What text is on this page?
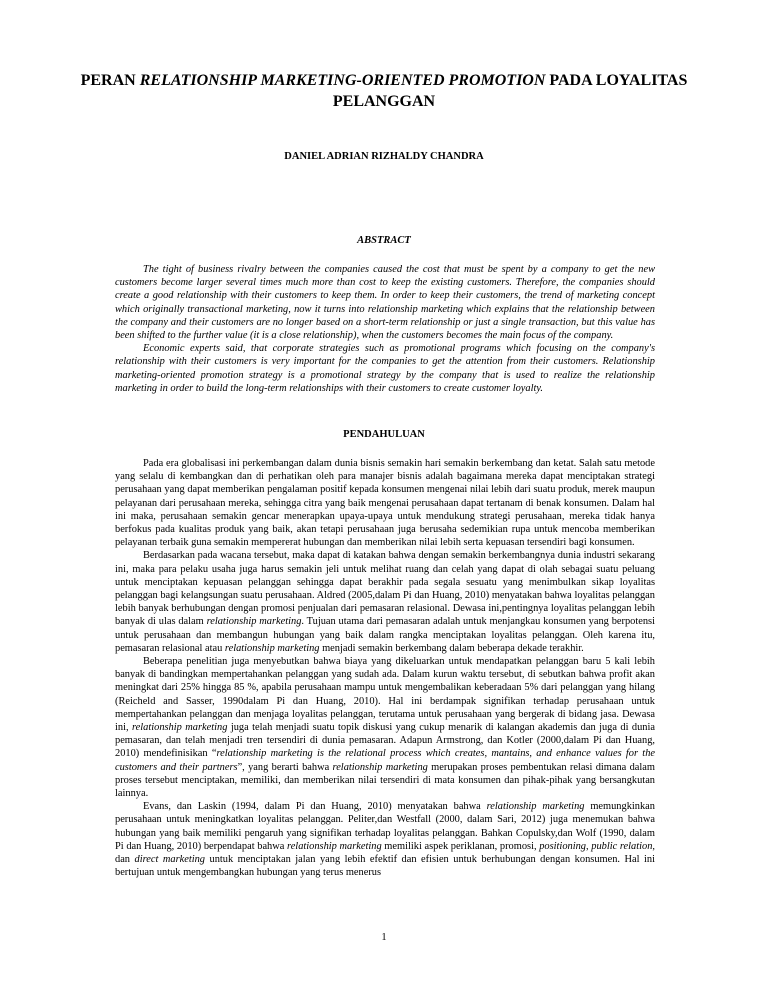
PERAN RELATIONSHIP MARKETING-ORIENTED PROMOTION PADA LOYALITAS PELANGGAN
DANIEL ADRIAN RIZHALDY CHANDRA
ABSTRACT

The tight of business rivalry between the companies caused the cost that must be spent by a company to get the new customers become larger several times much more than cost to keep the existing customers. Therefore, the companies should create a good relationship with their customers to keep them. In order to keep their customers, the trend of marketing concept which originally transactional marketing, now it turns into relationship marketing which explains that the relationship between the company and their customers are no longer based on a short-term relationship or just a single transaction, but this value has been shifted to the further value (it is a close relationship), when the customers becomes the main focus of the company.

Economic experts said, that corporate strategies such as promotional programs which focusing on the company's relationship with their customers is very important for the companies to get the attention from their customers. Relationship marketing-oriented promotion strategy is a promotional strategy by the company that is used to realize the relationship marketing in order to build the long-term relationships with their customers to create customer loyalty.

PENDAHULUAN

Pada era globalisasi ini perkembangan dalam dunia bisnis semakin hari semakin berkembang dan ketat. Salah satu metode yang selalu di kembangkan dan di perhatikan oleh para manajer bisnis adalah bagaimana mereka dapat menciptakan strategi perusahaan yang dapat memberikan pengalaman positif kepada konsumen mengenai nilai lebih dari suatu produk, merek maupun pelayanan dari perusahaan mereka, sehingga citra yang baik mengenai perusahaan dapat tertanam di benak konsumen. Dalam hal ini maka, perusahaan semakin gencar menerapkan upaya-upaya untuk mendukung strategi perusahaan, mereka tidak hanya berfokus pada kualitas produk yang baik, akan tetapi perusahaan juga berusaha sedemikian rupa untuk mencoba memberikan pelayanan terbaik guna semakin mempererat hubungan dan memberikan nilai lebih serta kepuasan tersendiri bagi konsumen.

Berdasarkan pada wacana tersebut, maka dapat di katakan bahwa dengan semakin berkembangnya dunia industri sekarang ini, maka para pelaku usaha juga harus semakin jeli untuk melihat ruang dan celah yang dapat di olah sebagai suatu peluang untuk menciptakan kepuasan pelanggan sehingga dapat berakhir pada segala sesuatu yang menimbulkan sikap loyalitas pelanggan bagi kelangsungan suatu perusahaan. Aldred (2005,dalam Pi dan Huang, 2010) menyatakan bahwa loyalitas pelanggan lebih banyak berhubungan dengan promosi penjualan dari pemasaran relasional. Dewasa ini,pentingnya loyalitas pelanggan lebih banyak di ulas dalam relationship marketing. Tujuan utama dari pemasaran adalah untuk menjangkau konsumen yang berpotensi untuk perusahaan dan membangun hubungan yang baik dalam rangka menciptakan loyalitas pelanggan. Oleh karena itu, pemasaran relasional atau relationship marketing menjadi semakin berkembang dalam beberapa dekade terakhir.

Beberapa penelitian juga menyebutkan bahwa biaya yang dikeluarkan untuk mendapatkan pelanggan baru 5 kali lebih banyak di bandingkan mempertahankan pelanggan yang sudah ada. Dalam kurun waktu tersebut, di sebutkan bahwa profit akan meningkat dari 25% hingga 85 %, apabila perusahaan mampu untuk mengembalikan keberadaan 5% dari pelanggan yang hilang (Reicheld and Sasser, 1990dalam Pi dan Huang, 2010). Hal ini berdampak signifikan terhadap perusahaan untuk mempertahankan pelanggan dan menjaga loyalitas pelanggan, terutama untuk perusahaan yang bergerak di bidang jasa. Dewasa ini, relationship marketing juga telah menjadi suatu topik diskusi yang cukup menarik di kalangan akademis dan juga di dunia pemasaran, dan telah menjadi tren tersendiri di dunia pemasaran. Adapun Armstrong, dan Kotler (2000,dalam Pi dan Huang, 2010) mendefinisikan “relationship marketing is the relational process which creates, mantains, and enhance values for the customers and their partners”, yang berarti bahwa relationship marketing merupakan proses pembentukan relasi dimana dalam proses tersebut menciptakan, memiliki, dan memberikan nilai tersendiri di mata konsumen dan pihak-pihak yang bersangkutan lainnya.

Evans, dan Laskin (1994, dalam Pi dan Huang, 2010) menyatakan bahwa relationship marketing memungkinkan perusahaan untuk meningkatkan loyalitas pelanggan. Peliter,dan Westfall (2000, dalam Sari, 2012) juga menemukan bahwa hubungan yang baik memiliki pengaruh yang signifikan terhadap loyalitas pelanggan. Bahkan Copulsky,dan Wolf (1990, dalam Pi dan Huang, 2010) berpendapat bahwa relationship marketing memiliki aspek periklanan, promosi, positioning, public relation, dan direct marketing untuk menciptakan jalan yang lebih efektif dan efisien untuk berhubungan dengan konsumen. Hal ini bertujuan untuk mengembangkan hubungan yang terus menerus

1
